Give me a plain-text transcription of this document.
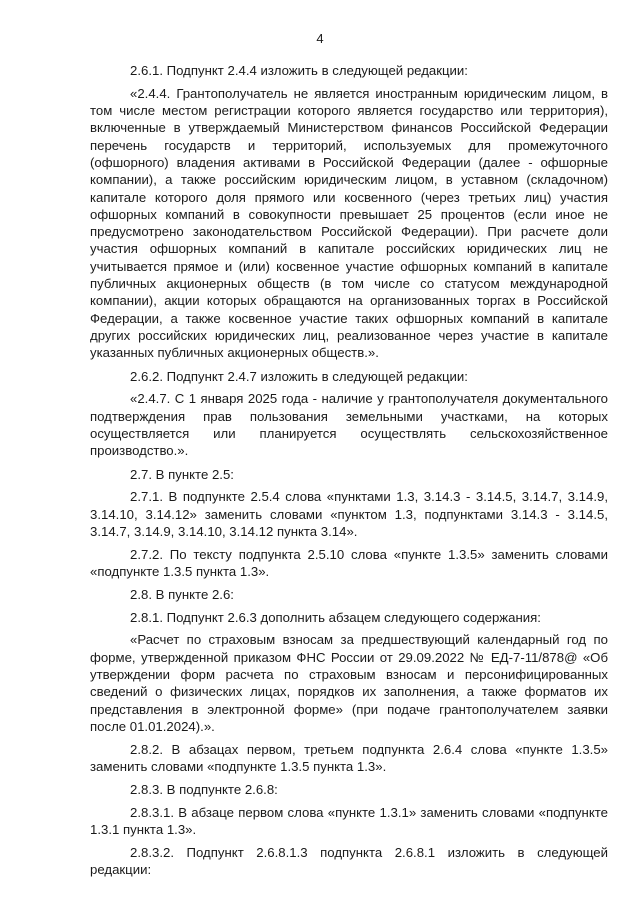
4

2.6.1. Подпункт 2.4.4 изложить в следующей редакции:

«2.4.4. Грантополучатель не является иностранным юридическим лицом, в том числе местом регистрации которого является государство или территория), включенные в утверждаемый Министерством финансов Российской Федерации перечень государств и территорий, используемых для промежуточного (офшорного) владения активами в Российской Федерации (далее - офшорные компании), а также российским юридическим лицом, в уставном (складочном) капитале которого доля прямого или косвенного (через третьих лиц) участия офшорных компаний в совокупности превышает 25 процентов (если иное не предусмотрено законодательством Российской Федерации). При расчете доли участия офшорных компаний в капитале российских юридических лиц не учитывается прямое и (или) косвенное участие офшорных компаний в капитале публичных акционерных обществ (в том числе со статусом международной компании), акции которых обращаются на организованных торгах в Российской Федерации, а также косвенное участие таких офшорных компаний в капитале других российских юридических лиц, реализованное через участие в капитале указанных публичных акционерных обществ.».

2.6.2. Подпункт 2.4.7 изложить в следующей редакции:

«2.4.7. С 1 января 2025 года - наличие у грантополучателя документального подтверждения прав пользования земельными участками, на которых осуществляется или планируется осуществлять сельскохозяйственное производство.».

2.7. В пункте 2.5:

2.7.1. В подпункте 2.5.4 слова «пунктами 1.3, 3.14.3 - 3.14.5, 3.14.7, 3.14.9, 3.14.10, 3.14.12» заменить словами «пунктом 1.3, подпунктами 3.14.3 - 3.14.5, 3.14.7, 3.14.9, 3.14.10, 3.14.12 пункта 3.14».

2.7.2. По тексту подпункта 2.5.10 слова «пункте 1.3.5» заменить словами «подпункте 1.3.5 пункта 1.3».

2.8. В пункте 2.6:

2.8.1. Подпункт 2.6.3 дополнить абзацем следующего содержания:

«Расчет по страховым взносам за предшествующий календарный год по форме, утвержденной приказом ФНС России от 29.09.2022 № ЕД-7-11/878@ «Об утверждении форм расчета по страховым взносам и персонифицированных сведений о физических лицах, порядков их заполнения, а также форматов их представления в электронной форме» (при подаче грантополучателем заявки после 01.01.2024).».

2.8.2. В абзацах первом, третьем подпункта 2.6.4 слова «пункте 1.3.5» заменить словами «подпункте 1.3.5 пункта 1.3».

2.8.3. В подпункте 2.6.8:

2.8.3.1. В абзаце первом слова «пункте 1.3.1» заменить словами «подпункте 1.3.1 пункта 1.3».

2.8.3.2. Подпункт 2.6.8.1.3 подпункта 2.6.8.1 изложить в следующей редакции:
